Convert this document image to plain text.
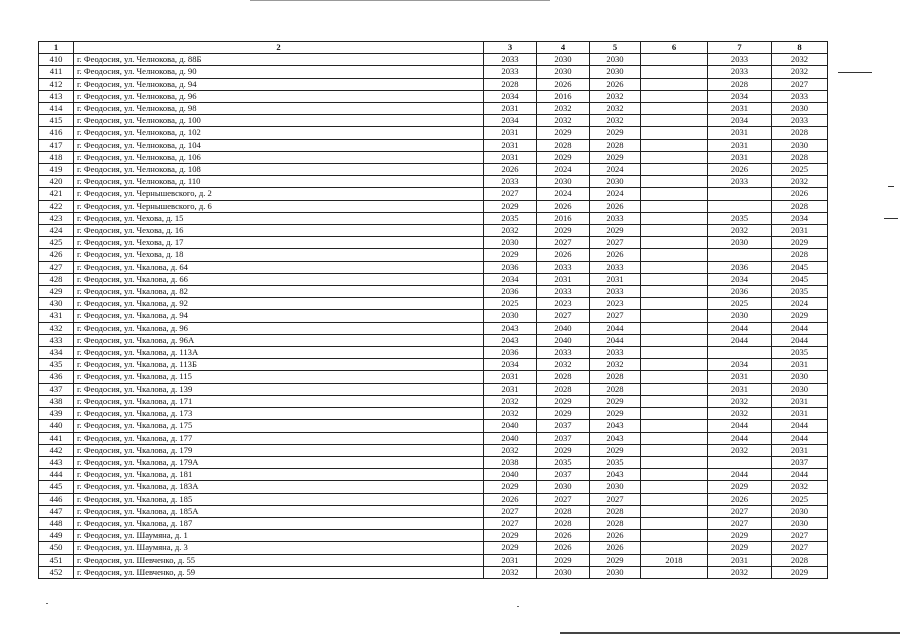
1	2	3	4	5	6	7	8
410	г. Феодосия, ул. Челнокова, д. 88Б	2033	2030	2030		2033	2032
411	г. Феодосия, ул. Челнокова, д. 90	2033	2030	2030		2033	2032
412	г. Феодосия, ул. Челнокова, д. 94	2028	2026	2026		2028	2027
413	г. Феодосия, ул. Челнокова, д. 96	2034	2016	2032		2034	2033
414	г. Феодосия, ул. Челнокова, д. 98	2031	2032	2032		2031	2030
415	г. Феодосия, ул. Челнокова, д. 100	2034	2032	2032		2034	2033
416	г. Феодосия, ул. Челнокова, д. 102	2031	2029	2029		2031	2028
417	г. Феодосия, ул. Челнокова, д. 104	2031	2028	2028		2031	2030
418	г. Феодосия, ул. Челнокова, д. 106	2031	2029	2029		2031	2028
419	г. Феодосия, ул. Челнокова, д. 108	2026	2024	2024		2026	2025
420	г. Феодосия, ул. Челнокова, д. 110	2033	2030	2030		2033	2032
421	г. Феодосия, ул. Чернышевского, д. 2	2027	2024	2024			2026
422	г. Феодосия, ул. Чернышевского, д. 6	2029	2026	2026			2028
423	г. Феодосия, ул. Чехова, д. 15	2035	2016	2033		2035	2034
424	г. Феодосия, ул. Чехова, д. 16	2032	2029	2029		2032	2031
425	г. Феодосия, ул. Чехова, д. 17	2030	2027	2027		2030	2029
426	г. Феодосия, ул. Чехова, д. 18	2029	2026	2026			2028
427	г. Феодосия, ул. Чкалова, д. 64	2036	2033	2033		2036	2045
428	г. Феодосия, ул. Чкалова, д. 66	2034	2031	2031		2034	2045
429	г. Феодосия, ул. Чкалова, д. 82	2036	2033	2033		2036	2035
430	г. Феодосия, ул. Чкалова, д. 92	2025	2023	2023		2025	2024
431	г. Феодосия, ул. Чкалова, д. 94	2030	2027	2027		2030	2029
432	г. Феодосия, ул. Чкалова, д. 96	2043	2040	2044		2044	2044
433	г. Феодосия, ул. Чкалова, д. 96А	2043	2040	2044		2044	2044
434	г. Феодосия, ул. Чкалова, д. 113А	2036	2033	2033			2035
435	г. Феодосия, ул. Чкалова, д. 113Б	2034	2032	2032		2034	2031
436	г. Феодосия, ул. Чкалова, д. 115	2031	2028	2028		2031	2030
437	г. Феодосия, ул. Чкалова, д. 139	2031	2028	2028		2031	2030
438	г. Феодосия, ул. Чкалова, д. 171	2032	2029	2029		2032	2031
439	г. Феодосия, ул. Чкалова, д. 173	2032	2029	2029		2032	2031
440	г. Феодосия, ул. Чкалова, д. 175	2040	2037	2043		2044	2044
441	г. Феодосия, ул. Чкалова, д. 177	2040	2037	2043		2044	2044
442	г. Феодосия, ул. Чкалова, д. 179	2032	2029	2029		2032	2031
443	г. Феодосия, ул. Чкалова, д. 179А	2038	2035	2035			2037
444	г. Феодосия, ул. Чкалова, д. 181	2040	2037	2043		2044	2044
445	г. Феодосия, ул. Чкалова, д. 183А	2029	2030	2030		2029	2032
446	г. Феодосия, ул. Чкалова, д. 185	2026	2027	2027		2026	2025
447	г. Феодосия, ул. Чкалова, д. 185А	2027	2028	2028		2027	2030
448	г. Феодосия, ул. Чкалова, д. 187	2027	2028	2028		2027	2030
449	г. Феодосия, ул. Шаумяна, д. 1	2029	2026	2026		2029	2027
450	г. Феодосия, ул. Шаумяна, д. 3	2029	2026	2026		2029	2027
451	г. Феодосия, ул. Шевченко, д. 55	2031	2029	2029	2018	2031	2028
452	г. Феодосия, ул. Шевченко, д. 59	2032	2030	2030		2032	2029
